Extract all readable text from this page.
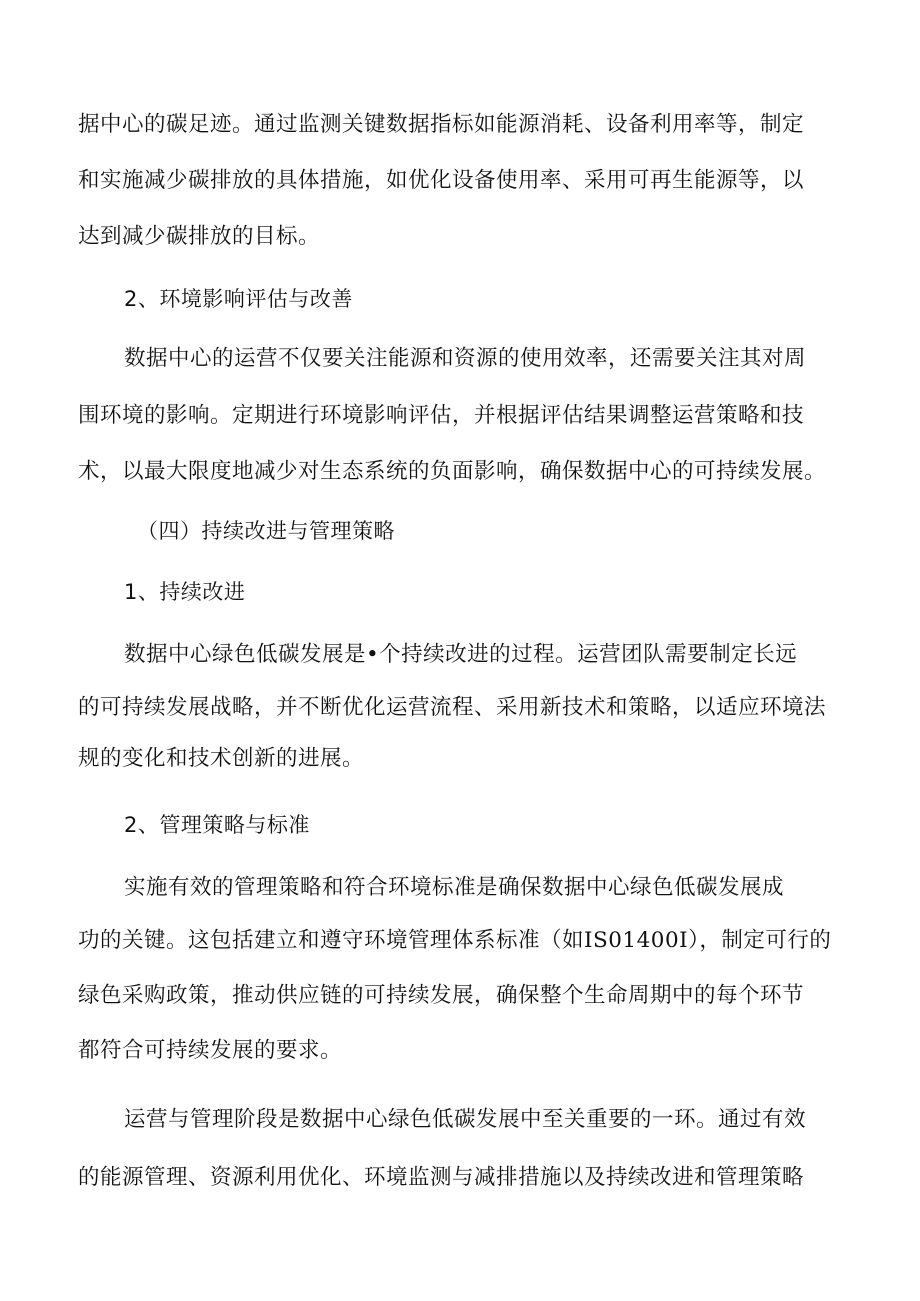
据中心的碳足迹。通过监测关键数据指标如能源消耗、设备利用率等，制定
和实施减少碳排放的具体措施，如优化设备使用率、采用可再生能源等，以
达到减少碳排放的目标。
2、环境影响评估与改善
数据中心的运营不仅要关注能源和资源的使用效率，还需要关注其对周
围环境的影响。定期进行环境影响评估，并根据评估结果调整运营策略和技
术，以最大限度地减少对生态系统的负面影响，确保数据中心的可持续发展。
（四）持续改进与管理策略
1、持续改进
数据中心绿色低碳发展是•个持续改进的过程。运营团队需要制定长远
的可持续发展战略，并不断优化运营流程、采用新技术和策略，以适应环境法
规的变化和技术创新的进展。
2、管理策略与标准
实施有效的管理策略和符合环境标准是确保数据中心绿色低碳发展成
功的关键。这包括建立和遵守环境管理体系标准（如IS01400I），制定可行的
绿色采购政策，推动供应链的可持续发展，确保整个生命周期中的每个环节
都符合可持续发展的要求。
运营与管理阶段是数据中心绿色低碳发展中至关重要的一环。通过有效
的能源管理、资源利用优化、环境监测与减排措施以及持续改进和管理策略
